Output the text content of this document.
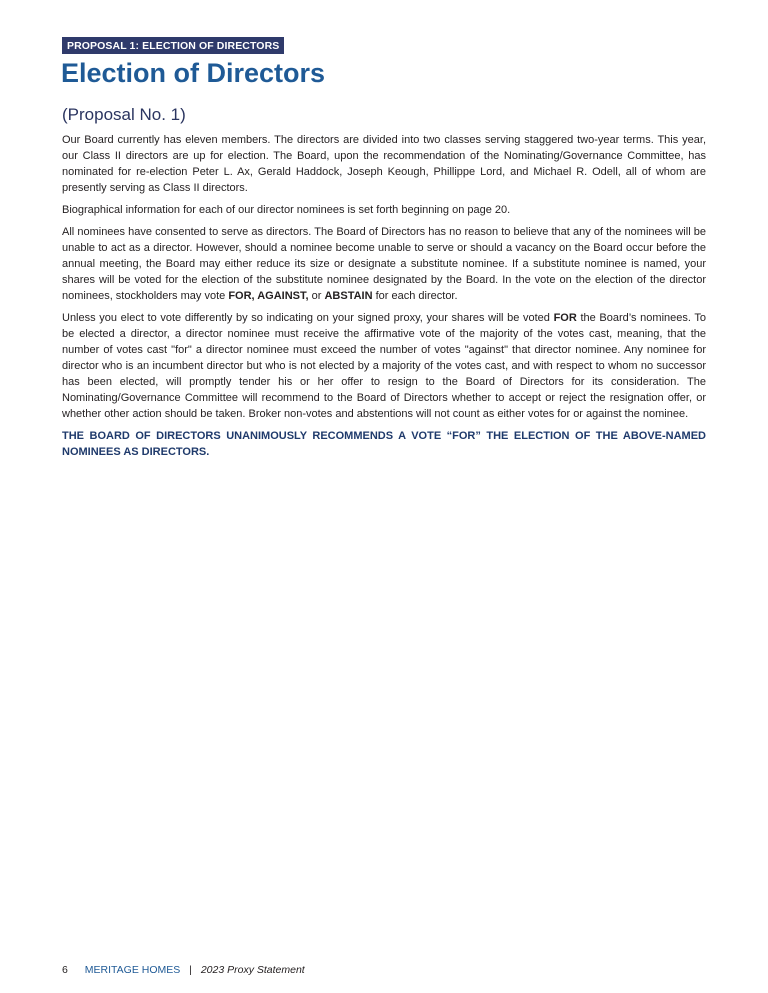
PROPOSAL 1: ELECTION OF DIRECTORS
Election of Directors
(Proposal No. 1)

Our Board currently has eleven members. The directors are divided into two classes serving staggered two-year terms. This year, our Class II directors are up for election. The Board, upon the recommendation of the Nominating/Governance Committee, has nominated for re-election Peter L. Ax, Gerald Haddock, Joseph Keough, Phillippe Lord, and Michael R. Odell, all of whom are presently serving as Class II directors.

Biographical information for each of our director nominees is set forth beginning on page 20.

All nominees have consented to serve as directors. The Board of Directors has no reason to believe that any of the nominees will be unable to act as a director. However, should a nominee become unable to serve or should a vacancy on the Board occur before the annual meeting, the Board may either reduce its size or designate a substitute nominee. If a substitute nominee is named, your shares will be voted for the election of the substitute nominee designated by the Board. In the vote on the election of the director nominees, stockholders may vote FOR, AGAINST, or ABSTAIN for each director.

Unless you elect to vote differently by so indicating on your signed proxy, your shares will be voted FOR the Board’s nominees. To be elected a director, a director nominee must receive the affirmative vote of the majority of the votes cast, meaning, that the number of votes cast "for" a director nominee must exceed the number of votes "against" that director nominee. Any nominee for director who is an incumbent director but who is not elected by a majority of the votes cast, and with respect to whom no successor has been elected, will promptly tender his or her offer to resign to the Board of Directors for its consideration. The Nominating/Governance Committee will recommend to the Board of Directors whether to accept or reject the resignation offer, or whether other action should be taken. Broker non-votes and abstentions will not count as either votes for or against the nominee.

THE BOARD OF DIRECTORS UNANIMOUSLY RECOMMENDS A VOTE “FOR” THE ELECTION OF THE ABOVE-NAMED NOMINEES AS DIRECTORS.

6 MERITAGE HOMES | 2023 Proxy Statement
